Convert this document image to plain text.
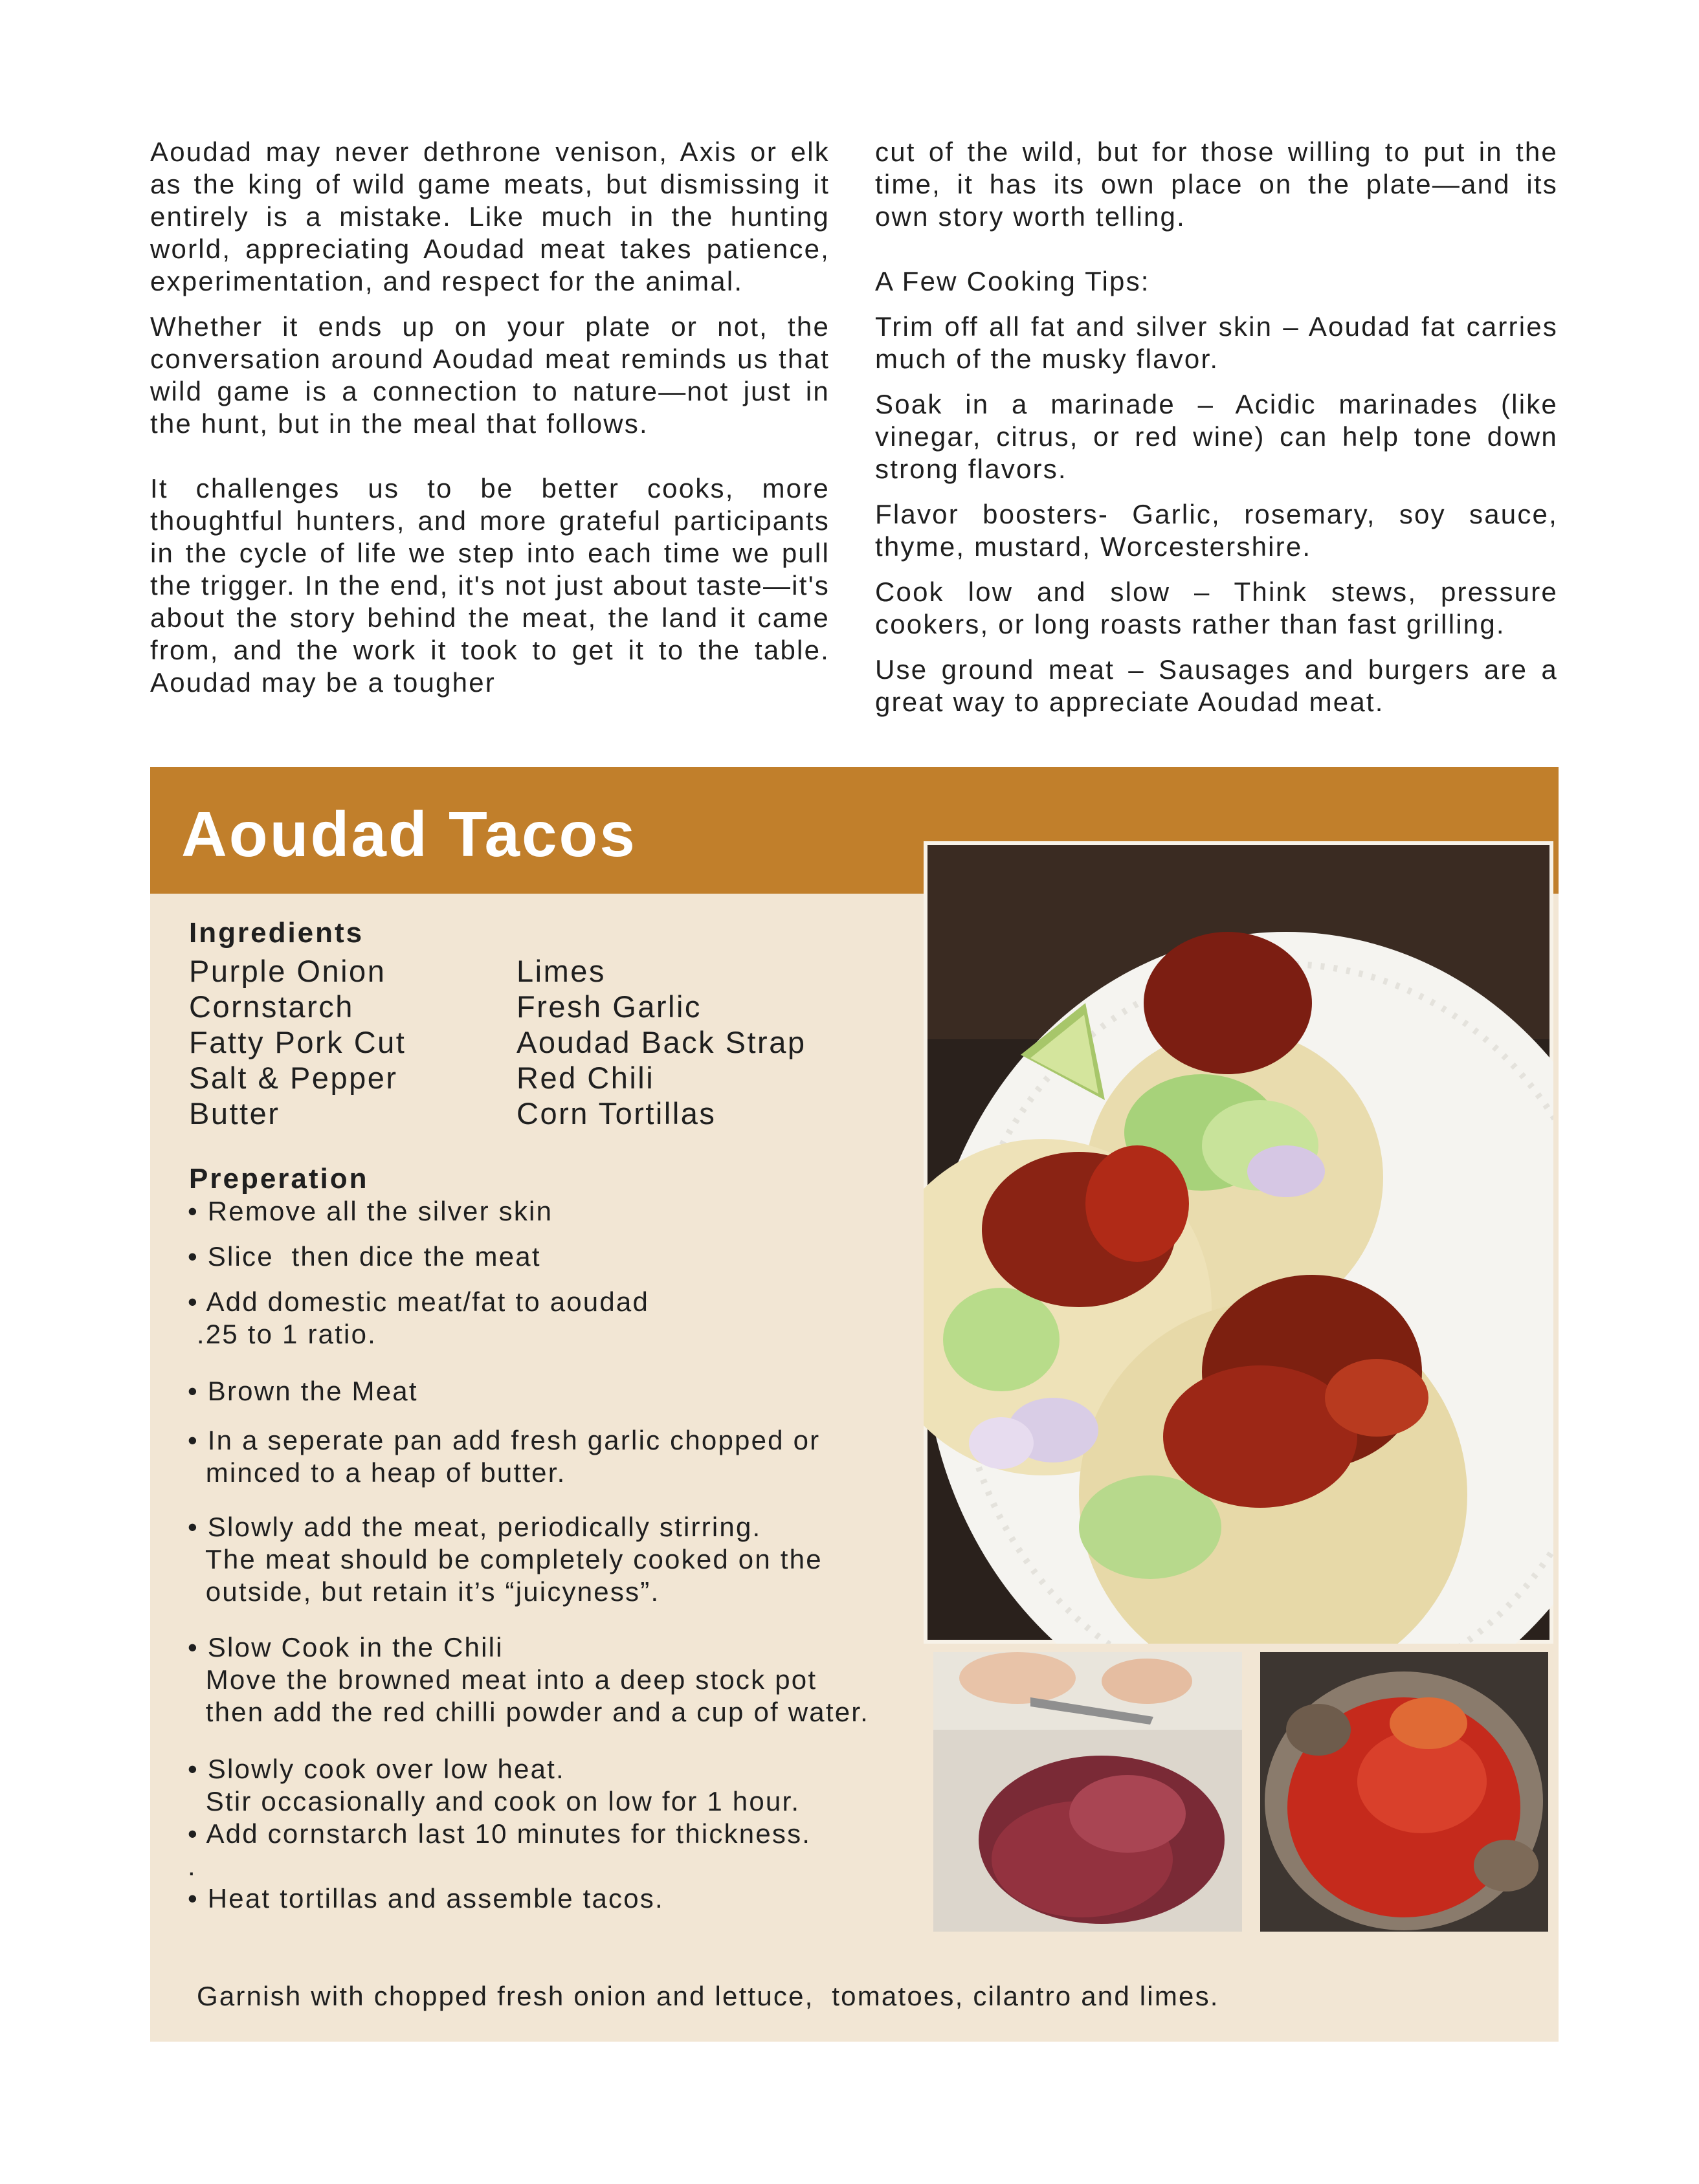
Aoudad may never dethrone venison, Axis or elk as the king of wild game meats, but dismissing it entirely is a mistake. Like much in the hunting world, appreciating Aoudad meat takes patience, experimentation, and respect for the animal.

Whether it ends up on your plate or not, the conversation around Aoudad meat reminds us that wild game is a connection to nature—not just in the hunt, but in the meal that follows.

It challenges us to be better cooks, more thoughtful hunters, and more grateful participants in the cycle of life we step into each time we pull the trigger. In the end, it's not just about taste—it's about the story behind the meat, the land it came from, and the work it took to get it to the table. Aoudad may be a tougher

cut of the wild, but for those willing to put in the time, it has its own place on the plate—and its own story worth telling.

A Few Cooking Tips:

Trim off all fat and silver skin – Aoudad fat carries much of the musky flavor.

Soak in a marinade – Acidic marinades (like vinegar, citrus, or red wine) can help tone down strong flavors.

Flavor boosters- Garlic, rosemary, soy sauce, thyme, mustard, Worcestershire.

Cook low and slow – Think stews, pressure cookers, or long roasts rather than fast grilling.

Use ground meat – Sausages and burgers are a great way to appreciate Aoudad meat.

Aoudad Tacos
Ingredients
Purple Onion
Cornstarch
Fatty Pork Cut
Salt & Pepper
Butter
Limes
Fresh Garlic
Aoudad Back Strap
Red Chili
Corn Tortillas
Preperation
• Remove all the silver skin
• Slice  then dice the meat
• Add domestic meat/fat to aoudad
.25 to 1 ratio.
• Brown the Meat
• In a seperate pan add fresh garlic chopped or
minced to a heap of butter.
• Slowly add the meat, periodically stirring.
The meat should be completely cooked on the
outside, but retain it’s “juicyness”.
• Slow Cook in the Chili
Move the browned meat into a deep stock pot
then add the red chilli powder and a cup of water.
• Slowly cook over low heat.
Stir occasionally and cook on low for 1 hour.
• Add cornstarch last 10 minutes for thickness.
.
• Heat tortillas and assemble tacos.
Garnish with chopped fresh onion and lettuce,  tomatoes, cilantro and limes.
